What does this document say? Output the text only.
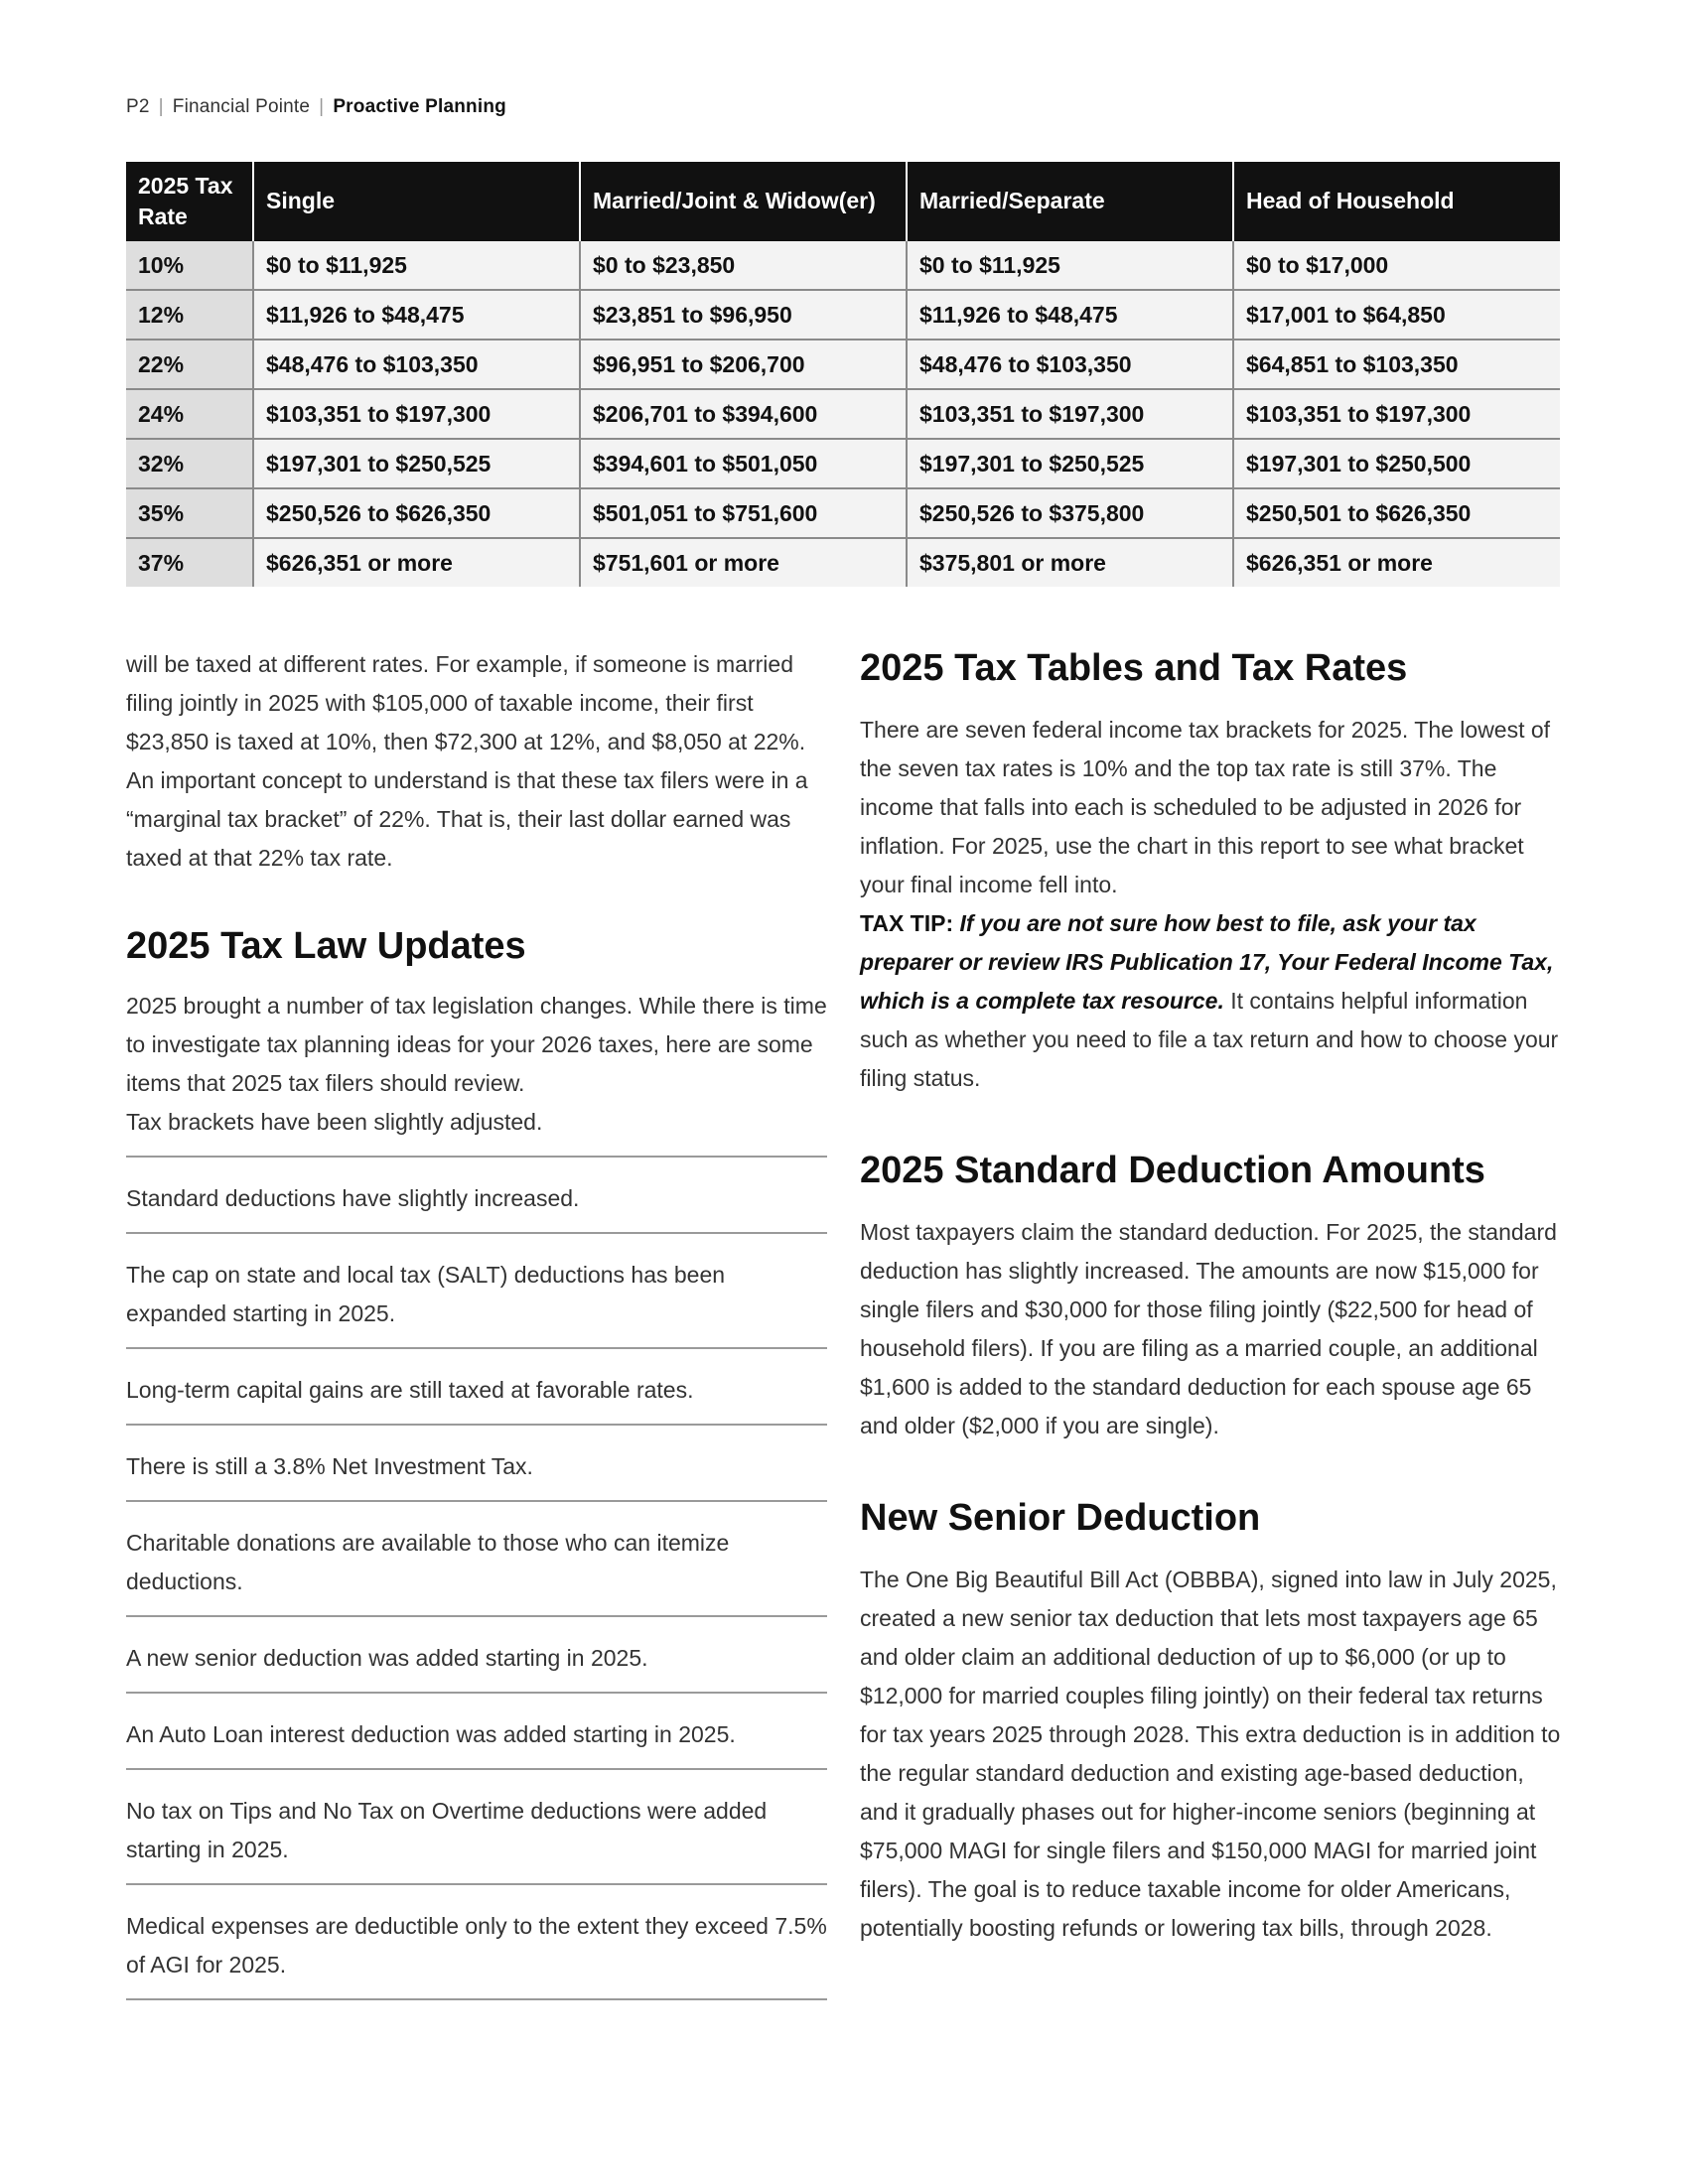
P2 | Financial Pointe | Proactive Planning
2025 Tax Rate	Single	Married/Joint & Widow(er)	Married/Separate	Head of Household
10%	$0 to $11,925	$0 to $23,850	$0 to $11,925	$0 to $17,000
12%	$11,926 to $48,475	$23,851 to $96,950	$11,926 to $48,475	$17,001 to $64,850
22%	$48,476 to $103,350	$96,951 to $206,700	$48,476 to $103,350	$64,851 to $103,350
24%	$103,351 to $197,300	$206,701 to $394,600	$103,351 to $197,300	$103,351 to $197,300
32%	$197,301 to $250,525	$394,601 to $501,050	$197,301 to $250,525	$197,301 to $250,500
35%	$250,526 to $626,350	$501,051 to $751,600	$250,526 to $375,800	$250,501 to $626,350
37%	$626,351 or more	$751,601 or more	$375,801 or more	$626,351 or more

will be taxed at different rates. For example, if someone is married filing jointly in 2025 with $105,000 of taxable income, their first $23,850 is taxed at 10%, then $72,300 at 12%, and $8,050 at 22%. An important concept to understand is that these tax filers were in a “marginal tax bracket” of 22%. That is, their last dollar earned was taxed at that 22% tax rate.

2025 Tax Law Updates

2025 brought a number of tax legislation changes. While there is time to investigate tax planning ideas for your 2026 taxes, here are some items that 2025 tax filers should review.

Tax brackets have been slightly adjusted.
Standard deductions have slightly increased.
The cap on state and local tax (SALT) deductions has been expanded starting in 2025.
Long-term capital gains are still taxed at favorable rates.
There is still a 3.8% Net Investment Tax.
Charitable donations are available to those who can itemize deductions.
A new senior deduction was added starting in 2025.
An Auto Loan interest deduction was added starting in 2025.
No tax on Tips and No Tax on Overtime deductions were added starting in 2025.
Medical expenses are deductible only to the extent they exceed 7.5% of AGI for 2025.
2025 Tax Tables and Tax Rates

There are seven federal income tax brackets for 2025. The lowest of the seven tax rates is 10% and the top tax rate is still 37%. The income that falls into each is scheduled to be adjusted in 2026 for inflation. For 2025, use the chart in this report to see what bracket your final income fell into.

TAX TIP: If you are not sure how best to file, ask your tax preparer or review IRS Publication 17, Your Federal Income Tax, which is a complete tax resource. It contains helpful information such as whether you need to file a tax return and how to choose your filing status.

2025 Standard Deduction Amounts

Most taxpayers claim the standard deduction. For 2025, the standard deduction has slightly increased. The amounts are now $15,000 for single filers and $30,000 for those filing jointly ($22,500 for head of household filers). If you are filing as a married couple, an additional $1,600 is added to the standard deduction for each spouse age 65 and older ($2,000 if you are single).

New Senior Deduction

The One Big Beautiful Bill Act (OBBBA), signed into law in July 2025, created a new senior tax deduction that lets most taxpayers age 65 and older claim an additional deduction of up to $6,000 (or up to $12,000 for married couples filing jointly) on their federal tax returns for tax years 2025 through 2028. This extra deduction is in addition to the regular standard deduction and existing age-based deduction, and it gradually phases out for higher-income seniors (beginning at $75,000 MAGI for single filers and $150,000 MAGI for married joint filers). The goal is to reduce taxable income for older Americans, potentially boosting refunds or lowering tax bills, through 2028.
